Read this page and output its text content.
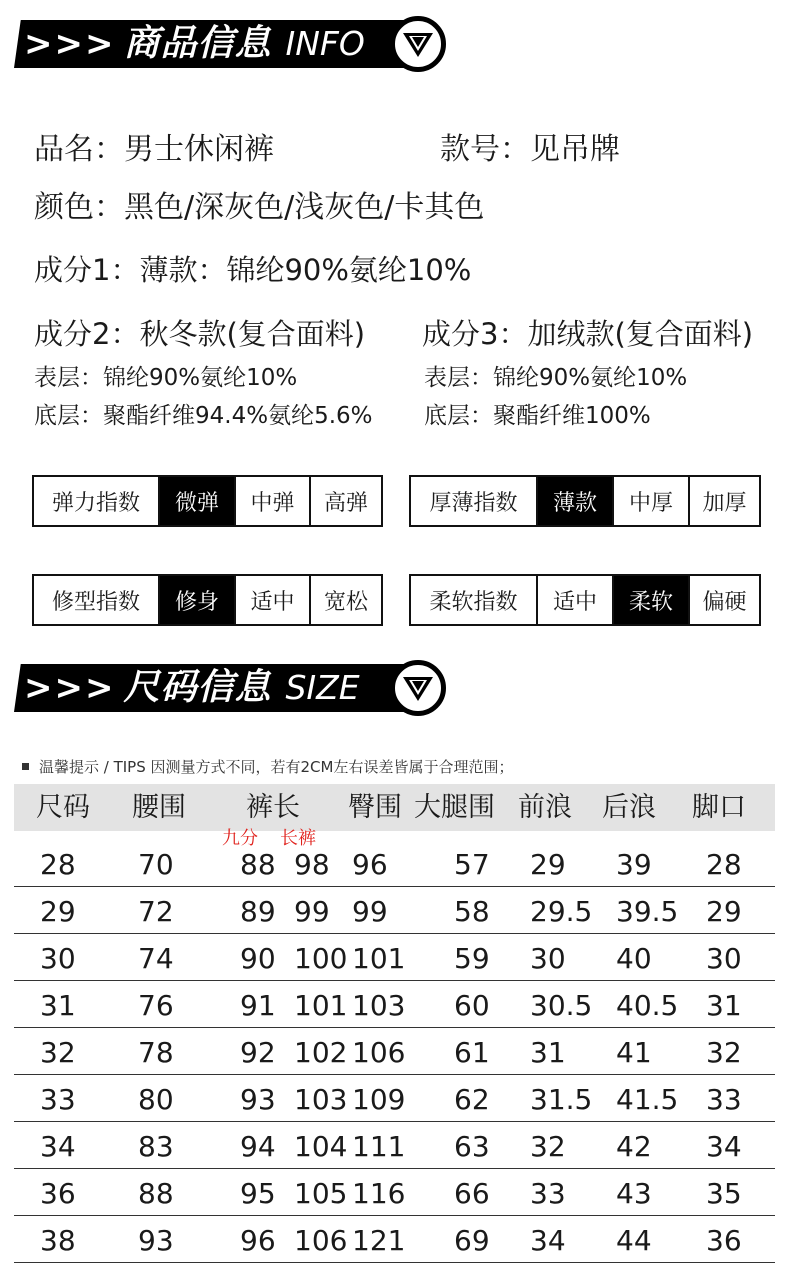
>>> 商品信息 INFO
品名：男士休闲裤	款号：见吊牌
颜色：黑色/深灰色/浅灰色/卡其色
成分1：薄款：锦纶90%氨纶10%
成分2：秋冬款(复合面料)
表层：锦纶90%氨纶10%
底层：聚酯纤维94.4%氨纶5.6%
成分3：加绒款(复合面料)
表层：锦纶90%氨纶10%
底层：聚酯纤维100%
弹力指数	微弹	中弹	高弹	厚薄指数	薄款	中厚	加厚
修型指数	修身	适中	宽松	柔软指数	适中	柔软	偏硬
>>> 尺码信息 SIZE
温馨提示 / TIPS 因测量方式不同，若有2CM左右误差皆属于合理范围；
尺码 腰围 裤长 臀围 大腿围 前浪 后浪 脚口
九分 长裤
28 70 88 98 96 57 29 39 28
29 72 89 99 99 58 29.5 39.5 29
30 74 90 100 101 59 30 40 30
31 76 91 101 103 60 30.5 40.5 31
32 78 92 102 106 61 31 41 32
33 80 93 103 109 62 31.5 41.5 33
34 83 94 104 111 63 32 42 34
36 88 95 105 116 66 33 43 35
38 93 96 106 121 69 34 44 36
